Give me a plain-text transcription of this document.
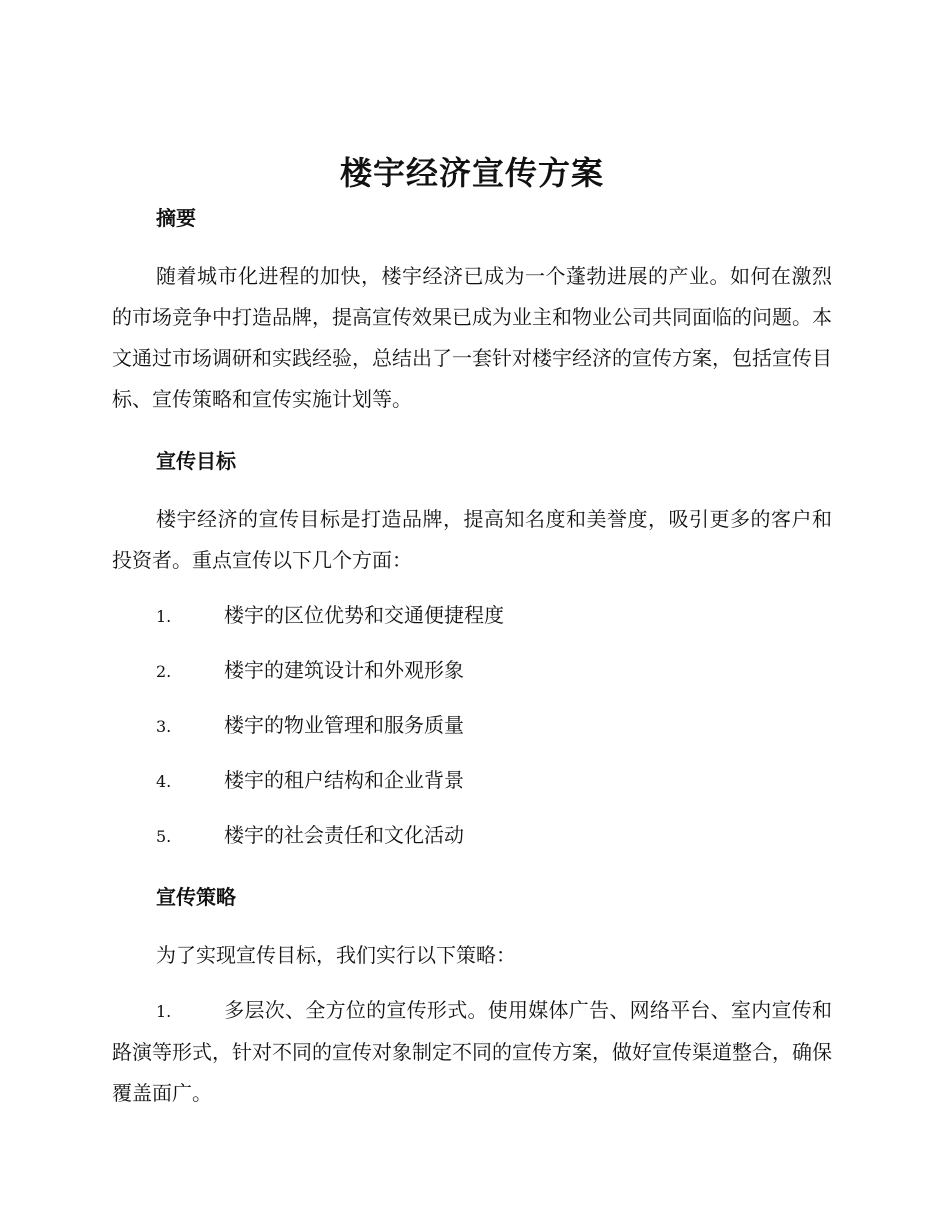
楼宇经济宣传方案
摘要

随着城市化进程的加快，楼宇经济已成为一个蓬勃进展的产业。如何在激烈的市场竞争中打造品牌，提高宣传效果已成为业主和物业公司共同面临的问题。本文通过市场调研和实践经验，总结出了一套针对楼宇经济的宣传方案，包括宣传目标、宣传策略和宣传实施计划等。

宣传目标

楼宇经济的宣传目标是打造品牌，提高知名度和美誉度，吸引更多的客户和投资者。重点宣传以下几个方面：

1.	楼宇的区位优势和交通便捷程度
2.	楼宇的建筑设计和外观形象
3.	楼宇的物业管理和服务质量
4.	楼宇的租户结构和企业背景
5.	楼宇的社会责任和文化活动
宣传策略

为了实现宣传目标，我们实行以下策略：

1.	多层次、全方位的宣传形式。使用媒体广告、网络平台、室内宣传和路演等形式，针对不同的宣传对象制定不同的宣传方案，做好宣传渠道整合，确保覆盖面广。
